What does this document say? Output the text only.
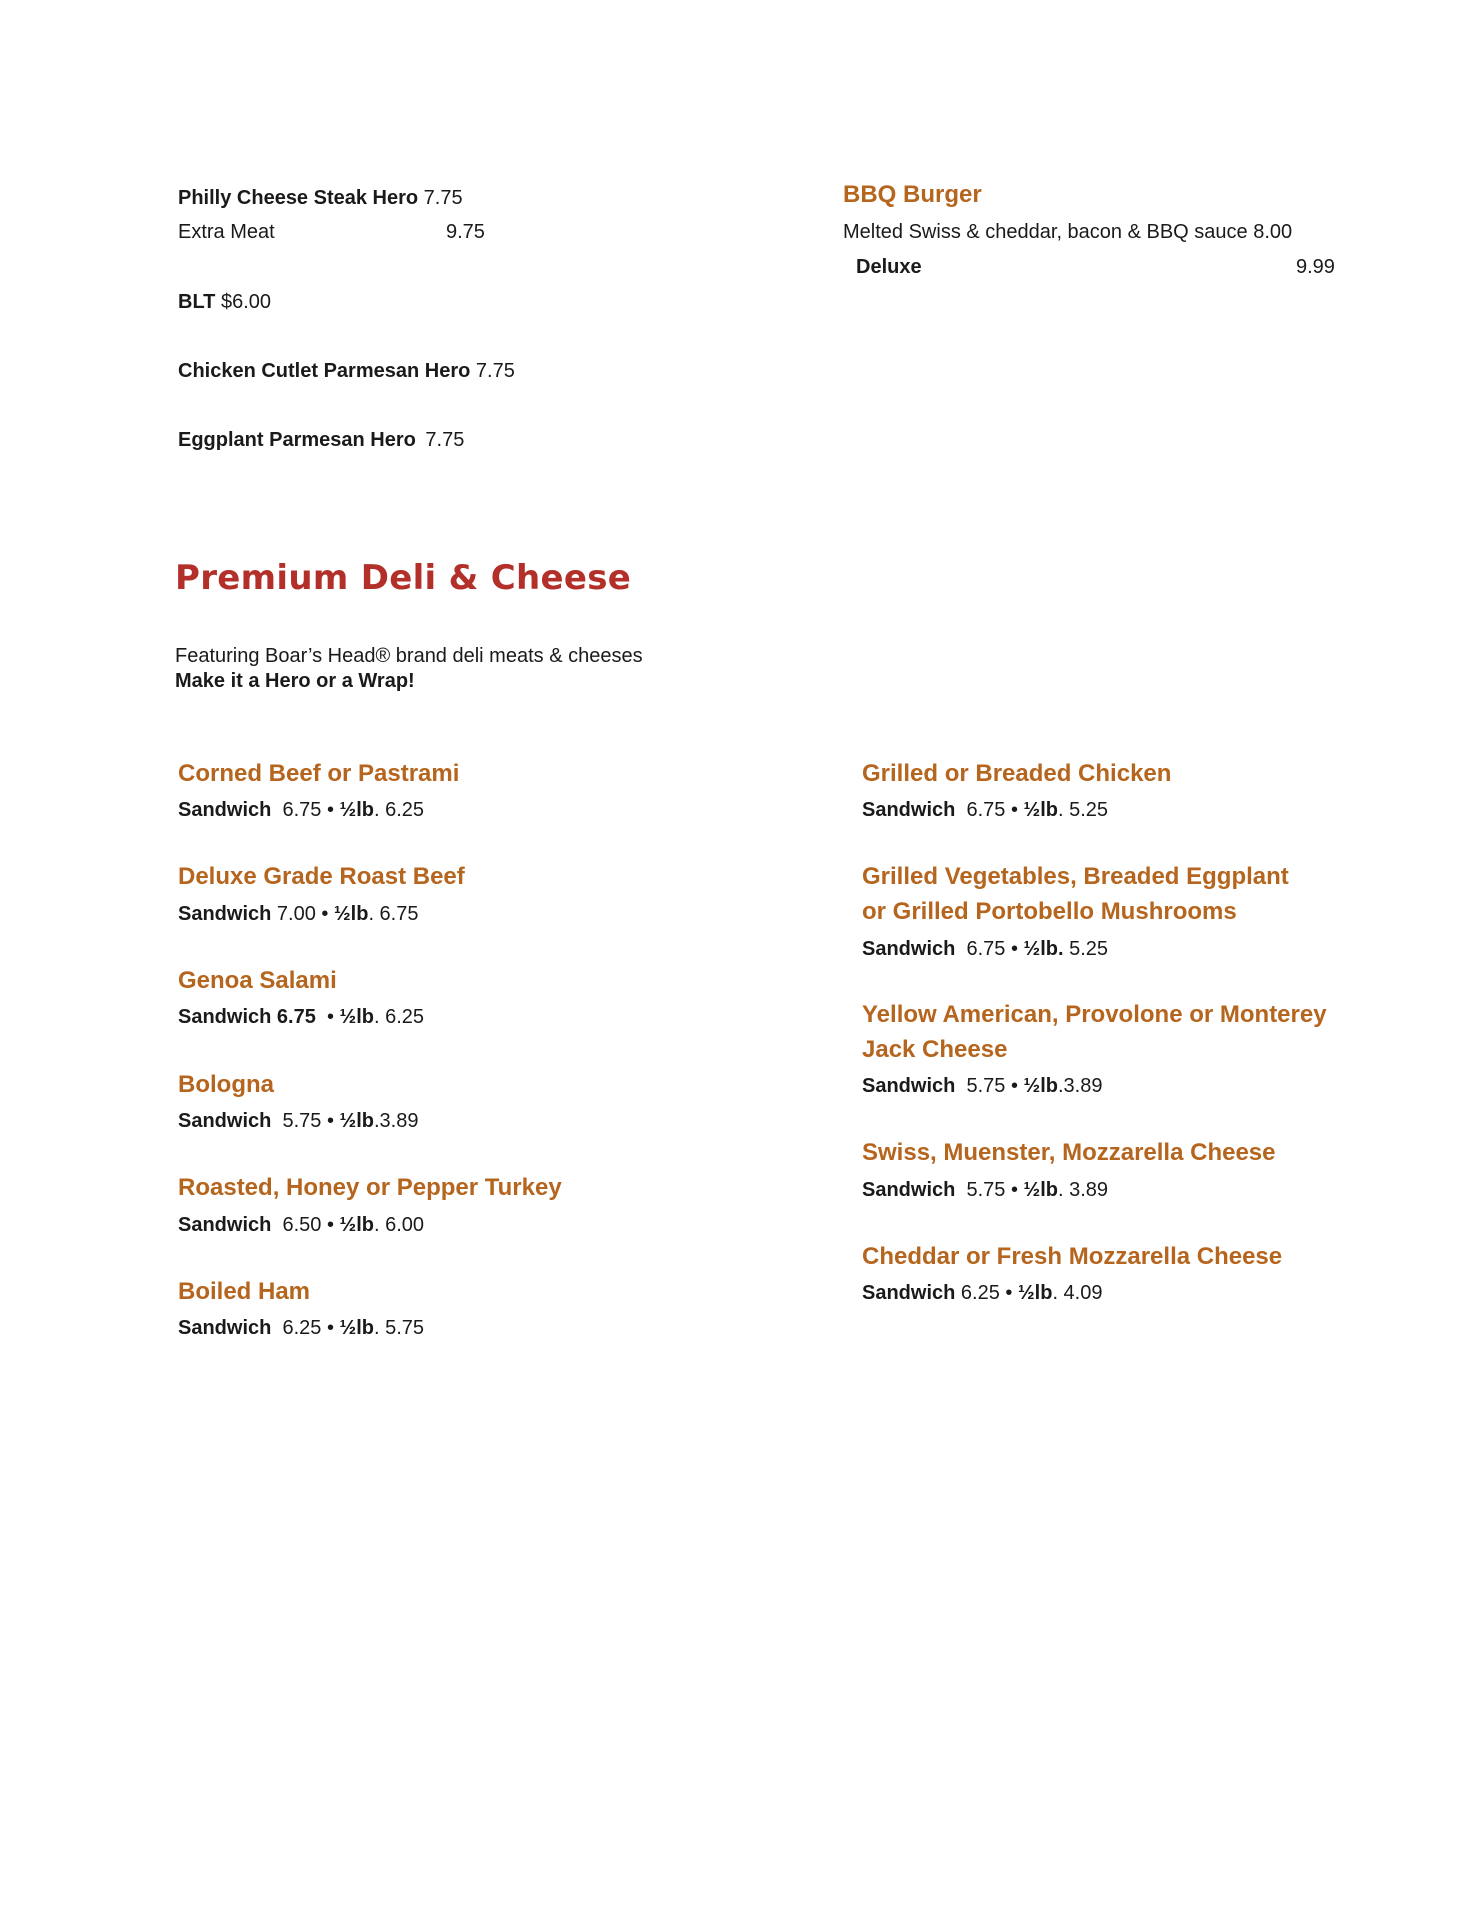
Philly Cheese Steak Hero 7.75
Extra Meat	9.75
BLT $6.00
Chicken Cutlet Parmesan Hero 7.75
Eggplant Parmesan Hero 7.75
BBQ Burger
Melted Swiss & cheddar, bacon & BBQ sauce 8.00
Deluxe	9.99
Premium Deli & Cheese
Featuring Boar’s Head® brand deli meats & cheeses
Make it a Hero or a Wrap!
Corned Beef or Pastrami
Sandwich 6.75 • ½lb. 6.25
Deluxe Grade Roast Beef
Sandwich 7.00 • ½lb. 6.75
Genoa Salami
Sandwich 6.75  • ½lb. 6.25
Bologna
Sandwich 5.75 • ½lb.3.89
Roasted, Honey or Pepper Turkey
Sandwich 6.50 • ½lb. 6.00
Boiled Ham
Sandwich 6.25 • ½lb. 5.75
Grilled or Breaded Chicken
Sandwich 6.75 • ½lb. 5.25
Grilled Vegetables, Breaded Eggplant
or Grilled Portobello Mushrooms
Sandwich 6.75 • ½lb. 5.25
Yellow American, Provolone or Monterey
Jack Cheese
Sandwich 5.75 • ½lb.3.89
Swiss, Muenster, Mozzarella Cheese
Sandwich 5.75 • ½lb. 3.89
Cheddar or Fresh Mozzarella Cheese
Sandwich 6.25 • ½lb. 4.09
